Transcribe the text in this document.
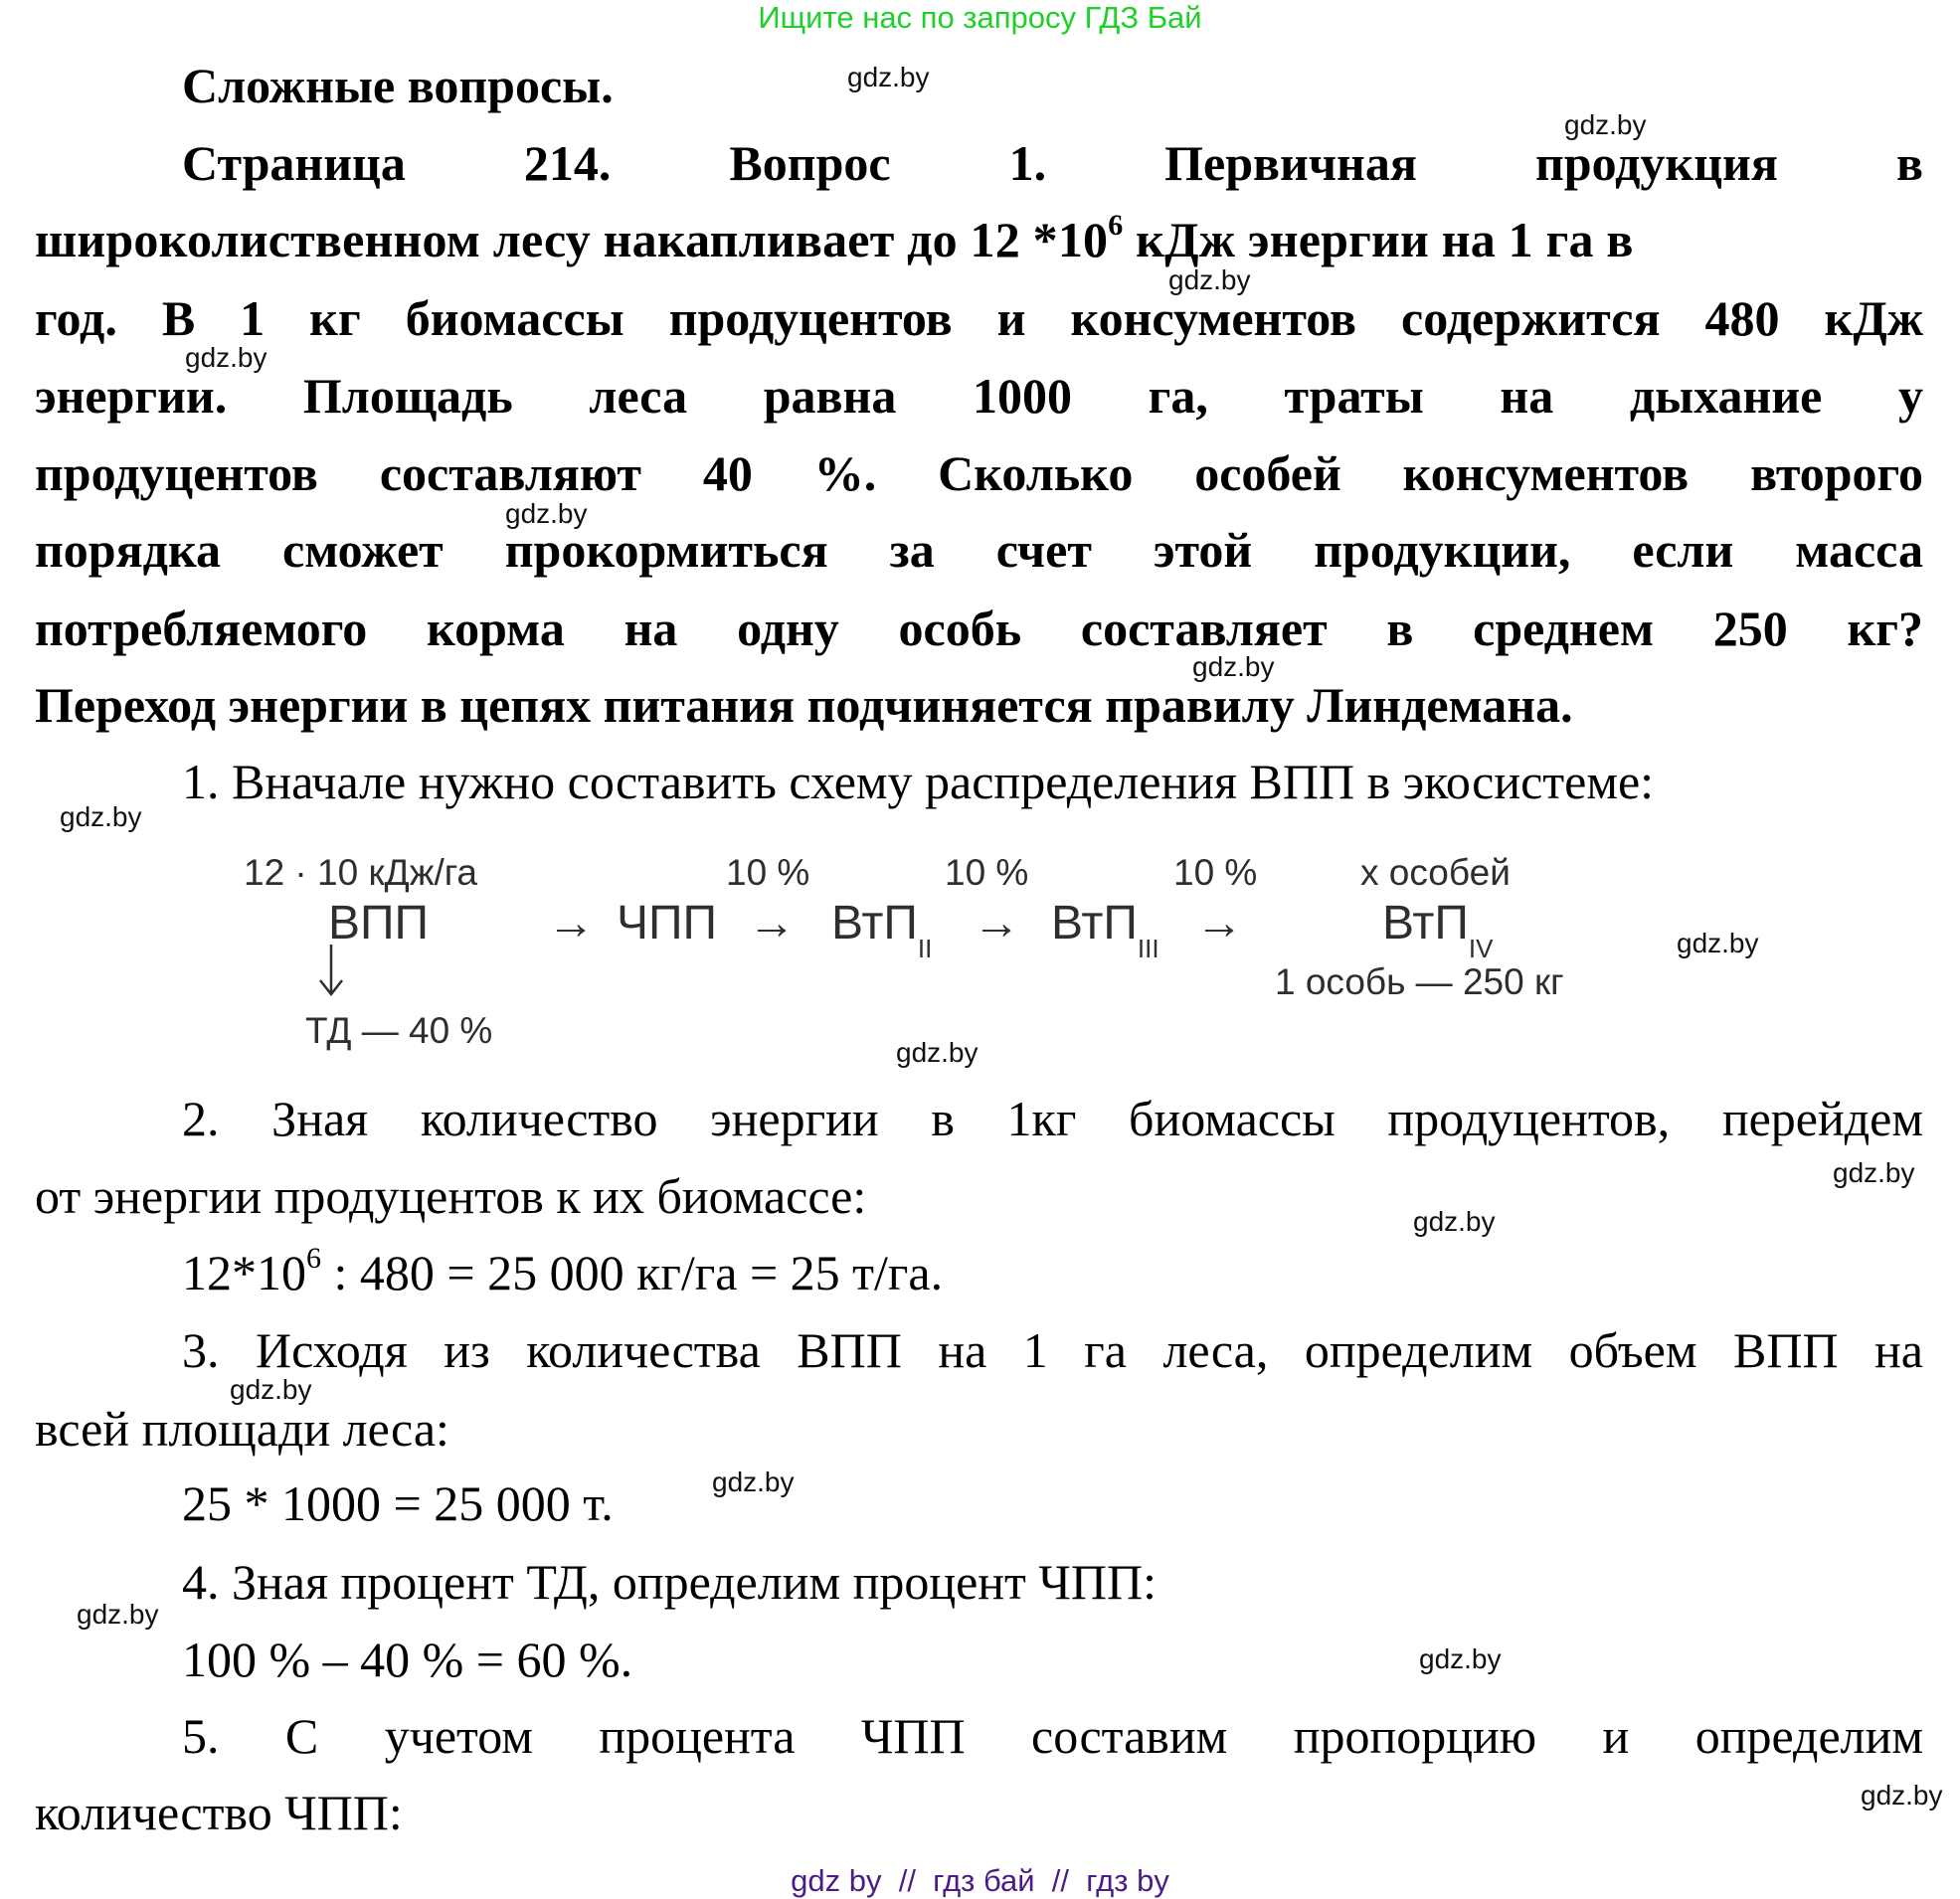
Ищите нас по запросу ГДЗ Бай
Сложные вопросы.
Страница 214. Вопрос 1. Первичная продукция в
широколиственном лесу накапливает до 12 $*10^6$ кДж энергии на 1 га в
год. В 1 кг биомассы продуцентов и консументов содержится 480 кДж
энергии. Площадь леса равна 1000 га, траты на дыхание у
продуцентов составляют 40 %. Сколько особей консументов второго
порядка сможет прокормиться за счет этой продукции, если масса
потребляемого корма на одну особь составляет в среднем 250 кг?
Переход энергии в цепях питания подчиняется правилу Линдемана.
1. Вначале нужно составить схему распределения ВПП в экосистеме:
12 · 10 кДж/га	10 %	10 %	10 %	х особей
ВПП → ЧПП → ВтП$_{II}$ → ВтП$_{III}$ →	ВтП$_{IV}$
1 особь — 250 кг
ТД — 40 %
2. Зная количество энергии в 1кг биомассы продуцентов, перейдем
от энергии продуцентов к их биомассе:
$12*10^6$ : 480 = 25 000 кг/га = 25 т/га.
3. Исходя из количества ВПП на 1 га леса, определим объем ВПП на
всей площади леса:
25 * 1000 = 25 000 т.
4. Зная процент ТД, определим процент ЧПП:
100 % – 40 % = 60 %.
5. С учетом процента ЧПП составим пропорцию и определим
количество ЧПП:
gdz.by
gdz.by
gdz.by
gdz.by
gdz.by
gdz.by
gdz.by
gdz.by
gdz.by
gdz.by
gdz.by
gdz.by
gdz.by
gdz.by
gdz.by
gdz.by
gdz by  //  гдз бай  //  гдз by
